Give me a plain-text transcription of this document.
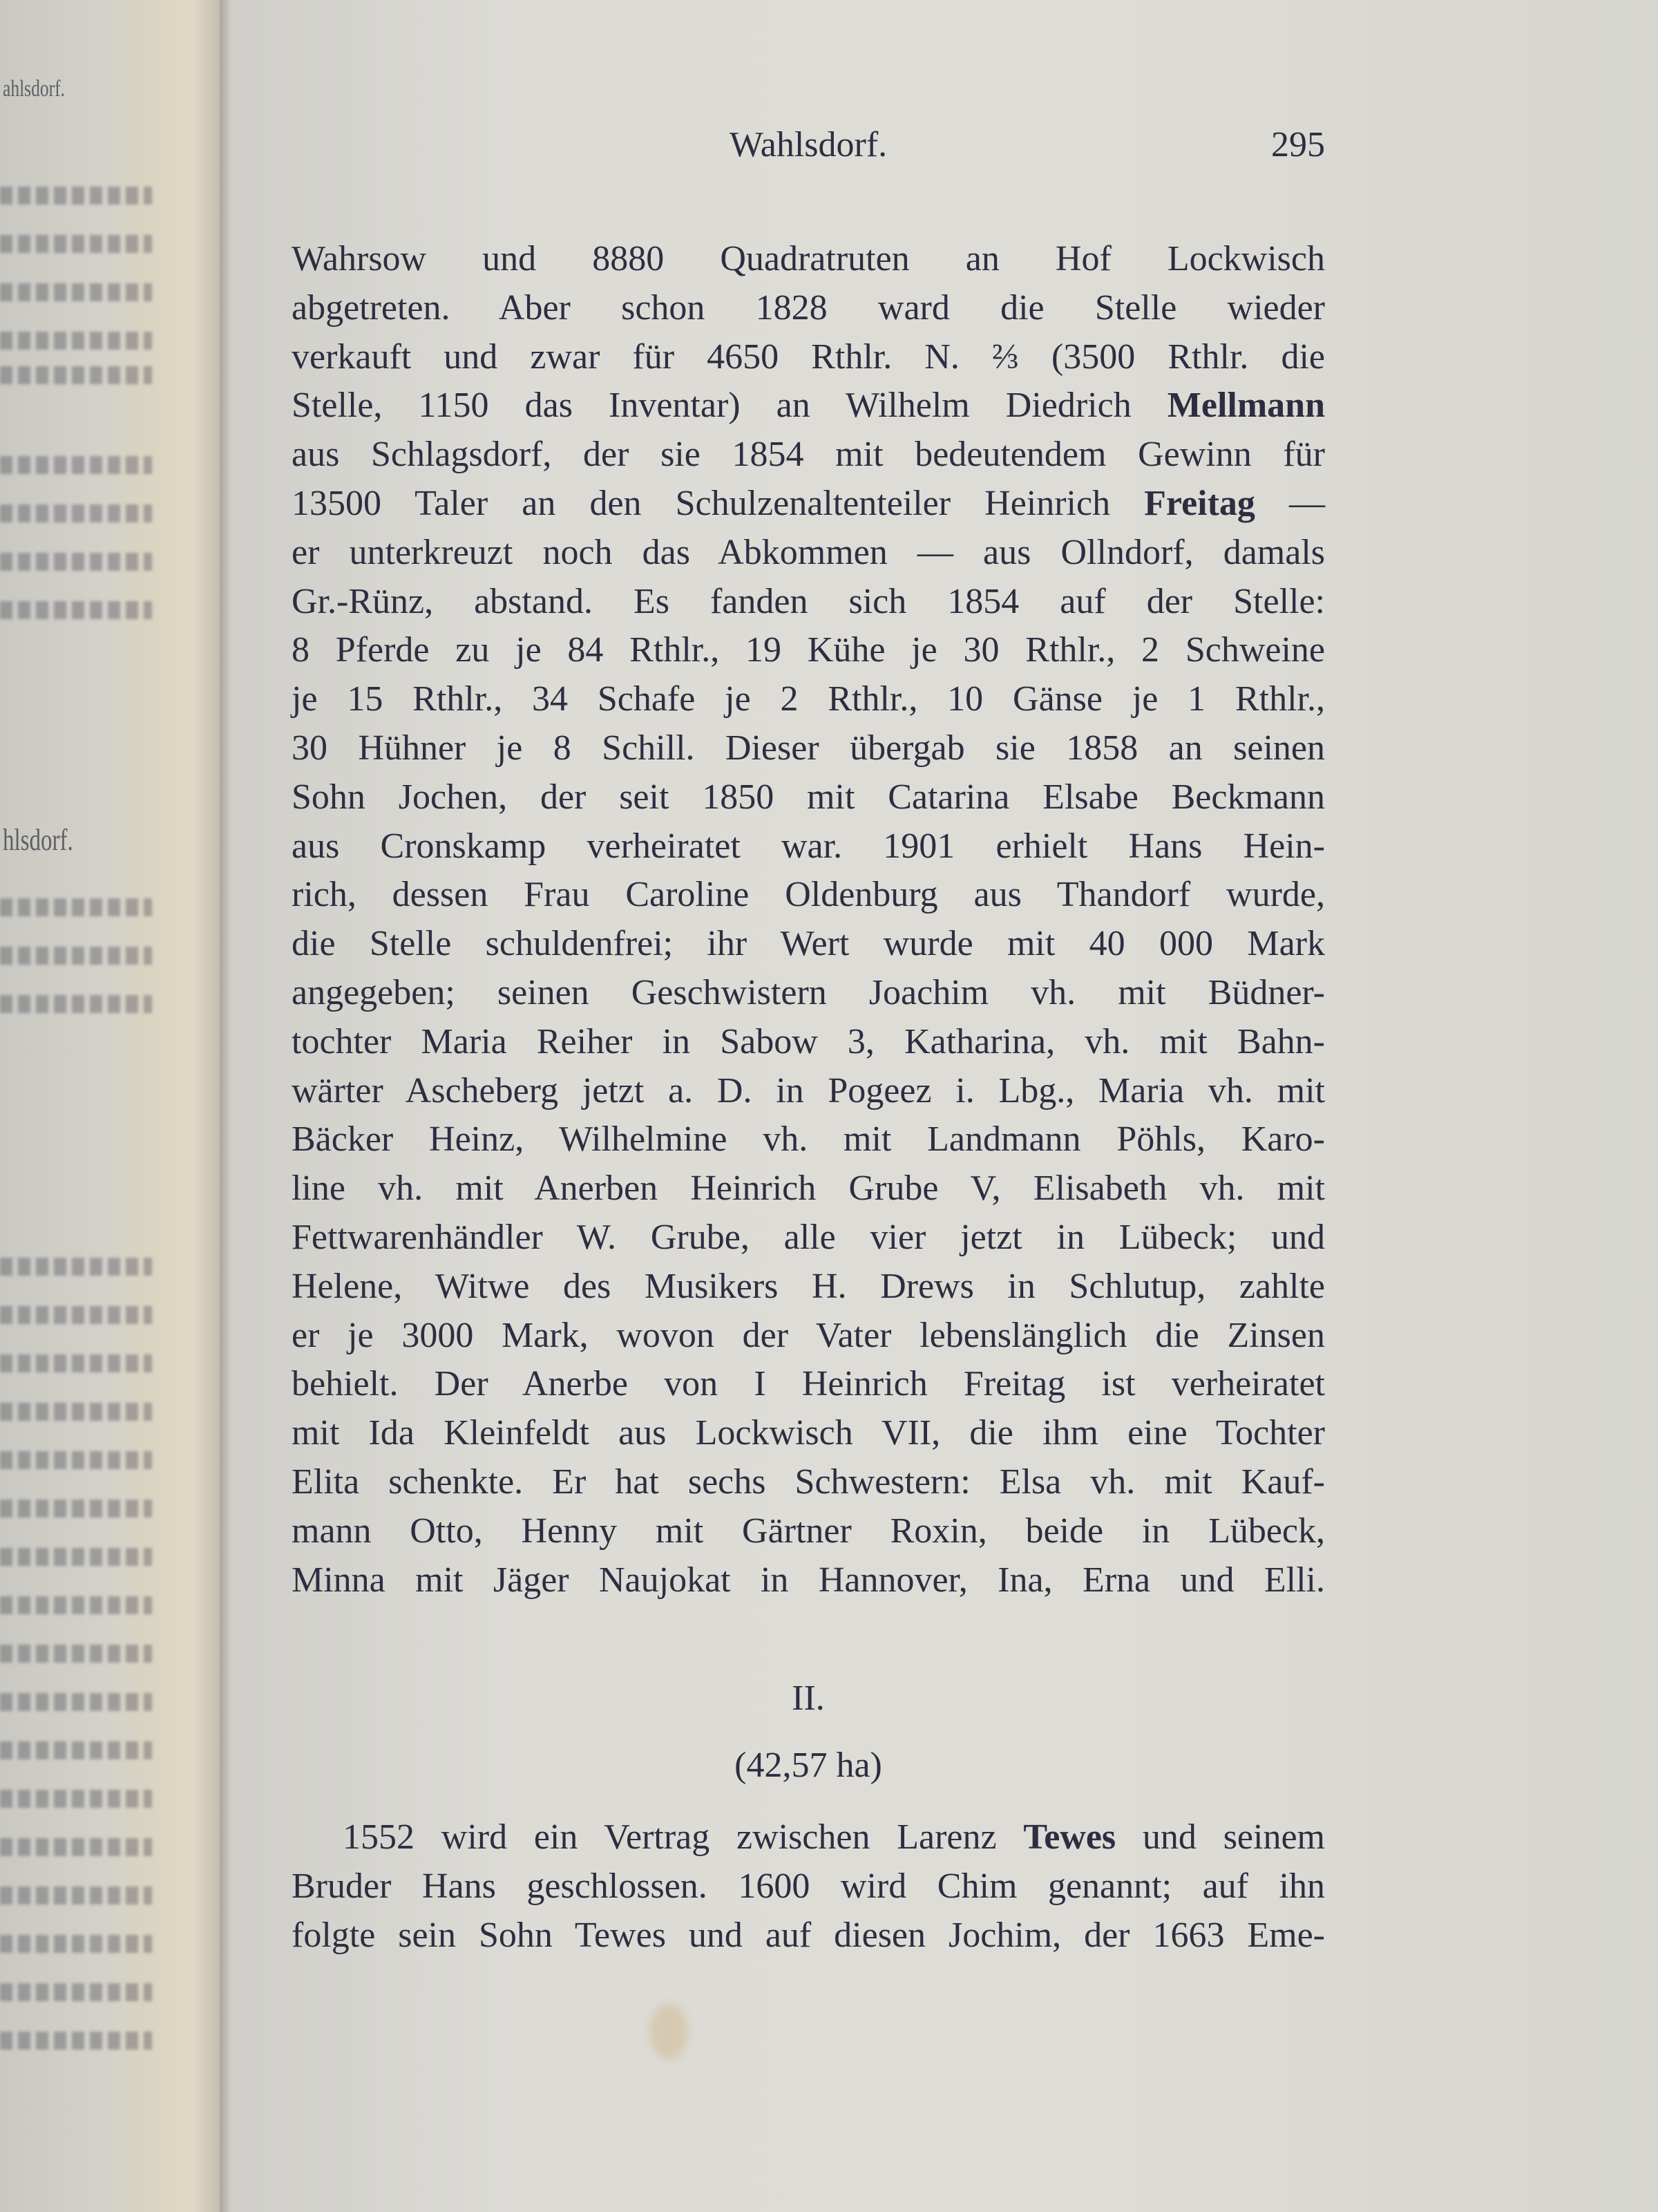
ahlsdorf.
hlsdorf.
Wahlsdorf.	295
Wahrsow und 8880 Quadratruten an Hof Lockwisch
abgetreten. Aber schon 1828 ward die Stelle wieder
verkauft und zwar für 4650 Rthlr. N. ⅔ (3500 Rthlr. die
Stelle, 1150 das Inventar) an Wilhelm Diedrich Mellmann
aus Schlagsdorf, der sie 1854 mit bedeutendem Gewinn für
13500 Taler an den Schulzenaltenteiler Heinrich Freitag —
er unterkreuzt noch das Abkommen — aus Ollndorf, damals
Gr.-Rünz, abstand. Es fanden sich 1854 auf der Stelle:
8 Pferde zu je 84 Rthlr., 19 Kühe je 30 Rthlr., 2 Schweine
je 15 Rthlr., 34 Schafe je 2 Rthlr., 10 Gänse je 1 Rthlr.,
30 Hühner je 8 Schill. Dieser übergab sie 1858 an seinen
Sohn Jochen, der seit 1850 mit Catarina Elsabe Beckmann
aus Cronskamp verheiratet war. 1901 erhielt Hans Hein-
rich, dessen Frau Caroline Oldenburg aus Thandorf wurde,
die Stelle schuldenfrei; ihr Wert wurde mit 40 000 Mark
angegeben; seinen Geschwistern Joachim vh. mit Büdner-
tochter Maria Reiher in Sabow 3, Katharina, vh. mit Bahn-
wärter Ascheberg jetzt a. D. in Pogeez i. Lbg., Maria vh. mit
Bäcker Heinz, Wilhelmine vh. mit Landmann Pöhls, Karo-
line vh. mit Anerben Heinrich Grube V, Elisabeth vh. mit
Fettwarenhändler W. Grube, alle vier jetzt in Lübeck; und
Helene, Witwe des Musikers H. Drews in Schlutup, zahlte
er je 3000 Mark, wovon der Vater lebenslänglich die Zinsen
behielt. Der Anerbe von I Heinrich Freitag ist verheiratet
mit Ida Kleinfeldt aus Lockwisch VII, die ihm eine Tochter
Elita schenkte. Er hat sechs Schwestern: Elsa vh. mit Kauf-
mann Otto, Henny mit Gärtner Roxin, beide in Lübeck,
Minna mit Jäger Naujokat in Hannover, Ina, Erna und Elli.
II.
(42,57 ha)
1552 wird ein Vertrag zwischen Larenz Tewes und seinem
Bruder Hans geschlossen. 1600 wird Chim genannt; auf ihn
folgte sein Sohn Tewes und auf diesen Jochim, der 1663 Eme-
